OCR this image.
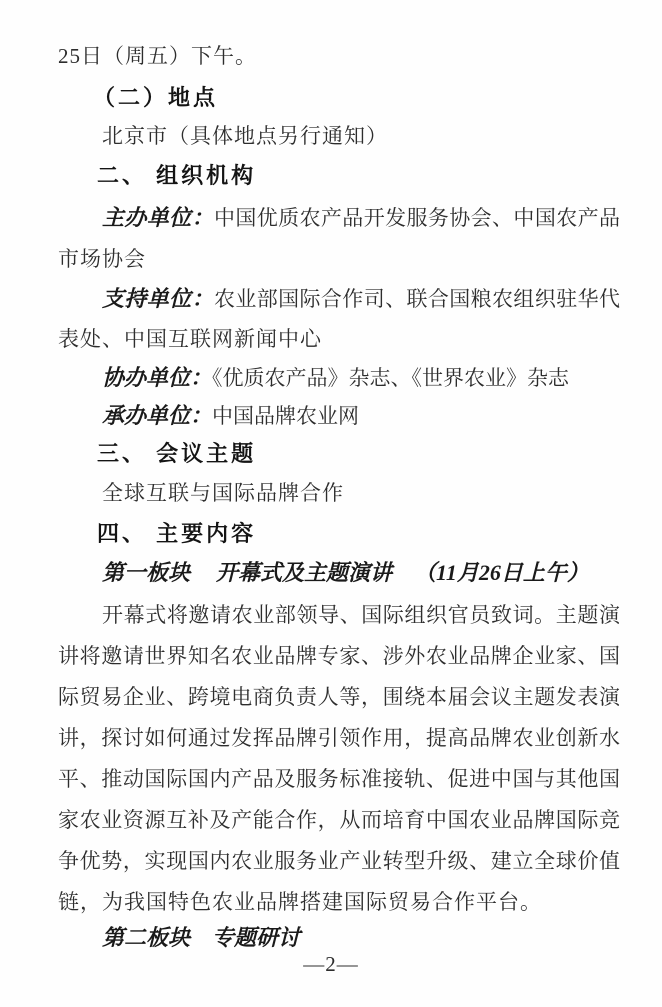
25日（周五）下午。
（二）地点
北京市（具体地点另行通知）
二、 组织机构
主办单位：中国优质农产品开发服务协会、中国农产品
市场协会
支持单位：农业部国际合作司、联合国粮农组织驻华代
表处、中国互联网新闻中心
协办单位：《优质农产品》杂志、《世界农业》杂志
承办单位：中国品牌农业网
三、 会议主题
全球互联与国际品牌合作
四、 主要内容
第一板块 开幕式及主题演讲 （11月26日上午）
开幕式将邀请农业部领导、国际组织官员致词。主题演
讲将邀请世界知名农业品牌专家、涉外农业品牌企业家、国
际贸易企业、跨境电商负责人等，围绕本届会议主题发表演
讲，探讨如何通过发挥品牌引领作用，提高品牌农业创新水
平、推动国际国内产品及服务标准接轨、促进中国与其他国
家农业资源互补及产能合作，从而培育中国农业品牌国际竞
争优势，实现国内农业服务业产业转型升级、建立全球价值
链，为我国特色农业品牌搭建国际贸易合作平台。
第二板块 专题研讨
—2—
